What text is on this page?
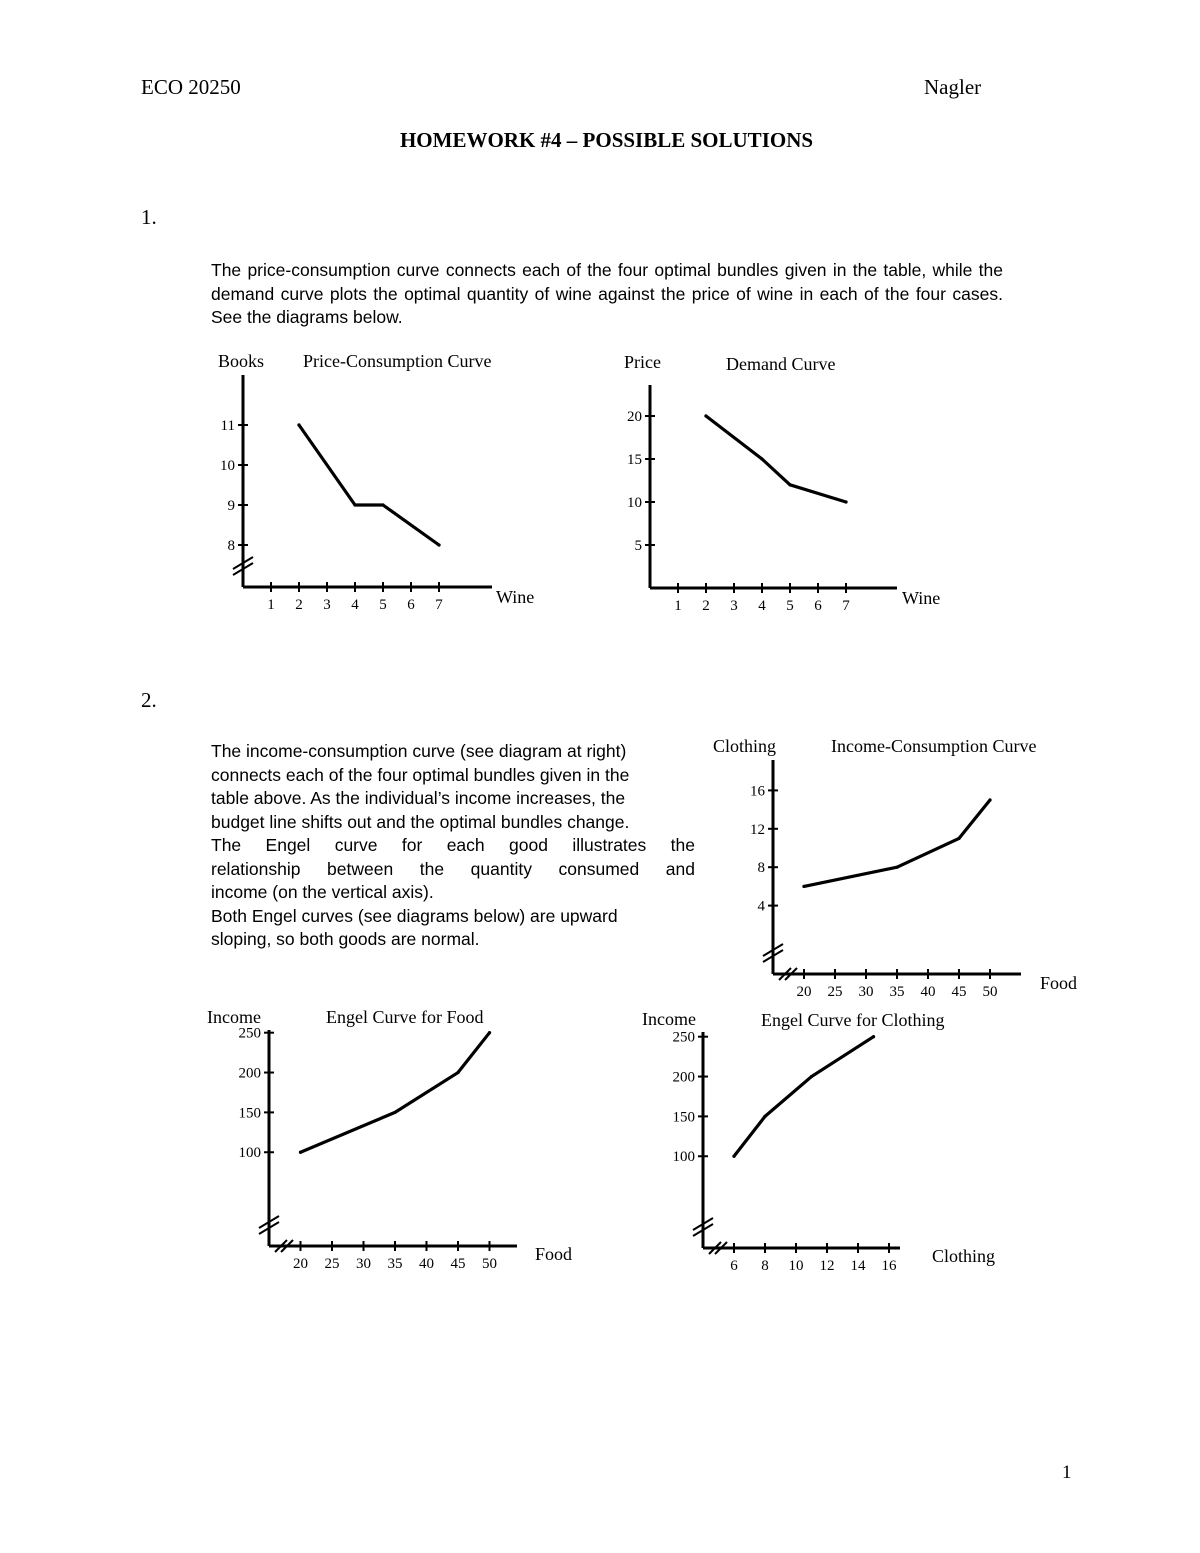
ECO 20250	Nagler
HOMEWORK #4 – POSSIBLE SOLUTIONS
1.
The price-consumption curve connects each of the four optimal bundles given in the table, while the demand curve plots the optimal quantity of wine against the price of wine in each of the four cases. See the diagrams below.
Price-Consumption Curve
Books
Wine
1 2 3 4 5 6 7
8
9
10
11
Demand Curve
Price
Wine
1 2 3 4 5 6 7
5
10
15
20
2.
The income-consumption curve (see diagram at right)
connects each of the four optimal bundles given in the
table above. As the individual’s income increases, the
budget line shifts out and the optimal bundles change.
The Engel curve for each good illustrates the
relationship between the quantity consumed and
income (on the vertical axis).
Both Engel curves (see diagrams below) are upward
sloping, so both goods are normal.
Income-Consumption Curve
Clothing
Food
20 25 30 35 40 45 50
4
8
12
16
Engel Curve for Food
Income
Food
20 25 30 35 40 45 50
100
150
200
250
Engel Curve for Clothing
Income
Clothing
6 8 10 12 14 16
100
150
200
250
1
